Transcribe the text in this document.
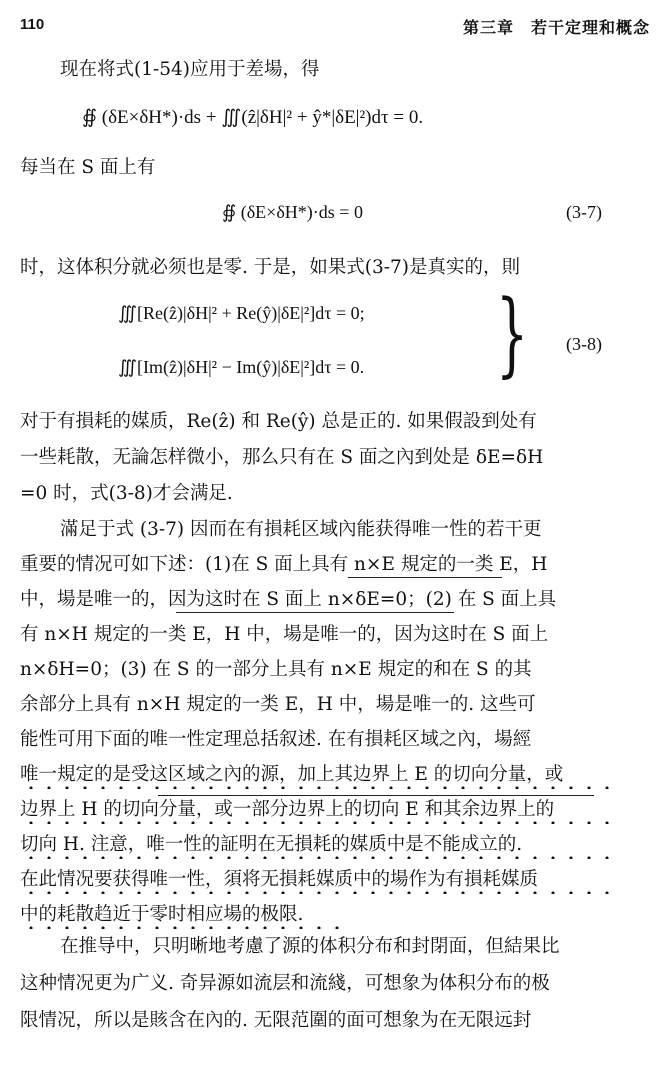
110	第三章　若干定理和概念
现在将式(1-54)应用于差場，得
∯ (δE×δH*)·ds + ∭(ẑ|δH|² + ŷ*|δE|²)dτ = 0.
每当在 S 面上有
∯ (δE×δH*)·ds = 0	(3-7)
时，这体积分就必须也是零. 于是，如果式(3-7)是真实的，則
∭[Re(ẑ)|δH|² + Re(ŷ)|δE|²]dτ = 0;
∭[Im(ẑ)|δH|² − Im(ŷ)|δE|²]dτ = 0. } (3-8)
对于有損耗的媒质，Re(ẑ) 和 Re(ŷ) 总是正的. 如果假設到处有
一些耗散，无論怎样微小，那么只有在 S 面之內到处是 δE=δH
=0 时，式(3-8)才会满足.
滿足于式 (3-7) 因而在有損耗区域內能获得唯一性的若干更
重要的情况可如下述：(1)在 S 面上具有 n×E 規定的一类 E，H
中，場是唯一的，因为这时在 S 面上 n×δE=0；(2) 在 S 面上具
有 n×H 規定的一类 E，H 中，場是唯一的，因为这时在 S 面上
n×δH=0；(3) 在 S 的一部分上具有 n×E 規定的和在 S 的其
余部分上具有 n×H 規定的一类 E，H 中，場是唯一的. 这些可
能性可用下面的唯一性定理总括叙述. 在有損耗区域之內，場經
唯一規定的是受这区域之內的源，加上其边界上 E 的切向分量，或
边界上 H 的切向分量，或一部分边界上的切向 E 和其余边界上的
切向 H. 注意，唯一性的証明在无損耗的媒质中是不能成立的.
在此情况要获得唯一性，須将无損耗媒质中的場作为有損耗媒质
中的耗散趋近于零时相应場的极限.
在推导中，只明晰地考慮了源的体积分布和封閉面，但結果比
这种情况更为广义. 奇异源如流层和流綫，可想象为体积分布的极
限情况，所以是賅含在內的. 无限范圍的面可想象为在无限远封
